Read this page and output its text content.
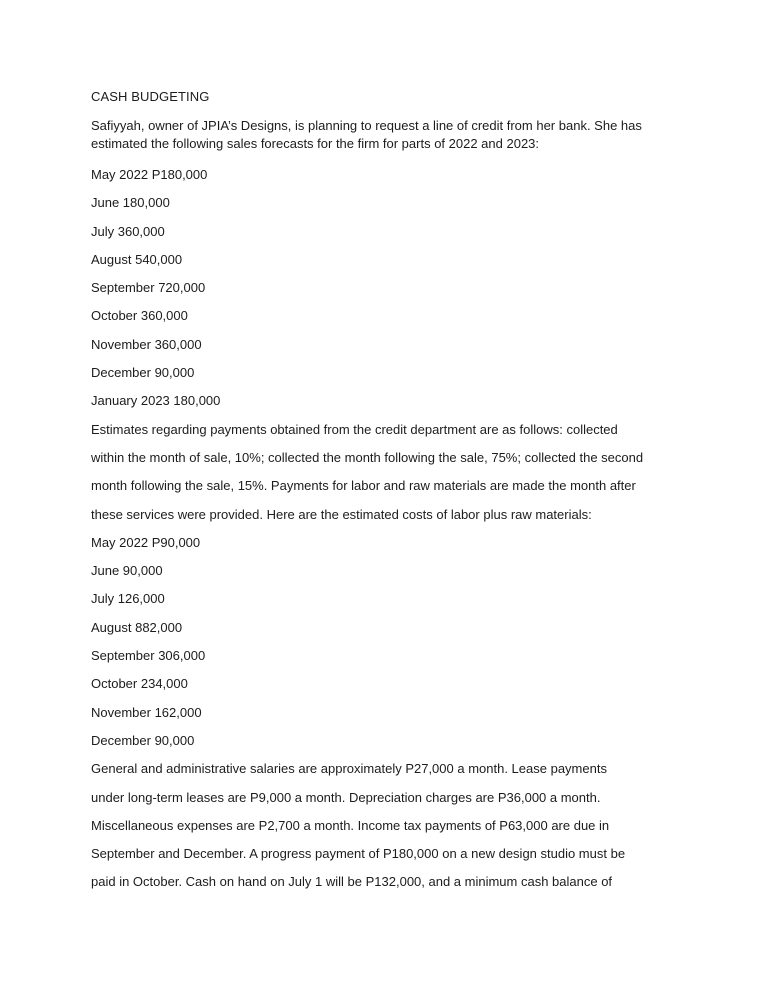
CASH BUDGETING
Safiyyah, owner of JPIA’s Designs, is planning to request a line of credit from her bank. She has
estimated the following sales forecasts for the firm for parts of 2022 and 2023:
May 2022 P180,000
June 180,000
July 360,000
August 540,000
September 720,000
October 360,000
November 360,000
December 90,000
January 2023 180,000
Estimates regarding payments obtained from the credit department are as follows: collected
within the month of sale, 10%; collected the month following the sale, 75%; collected the second
month following the sale, 15%. Payments for labor and raw materials are made the month after
these services were provided. Here are the estimated costs of labor plus raw materials:
May 2022 P90,000
June 90,000
July 126,000
August 882,000
September 306,000
October 234,000
November 162,000
December 90,000
General and administrative salaries are approximately P27,000 a month. Lease payments
under long-term leases are P9,000 a month. Depreciation charges are P36,000 a month.
Miscellaneous expenses are P2,700 a month. Income tax payments of P63,000 are due in
September and December. A progress payment of P180,000 on a new design studio must be
paid in October. Cash on hand on July 1 will be P132,000, and a minimum cash balance of
